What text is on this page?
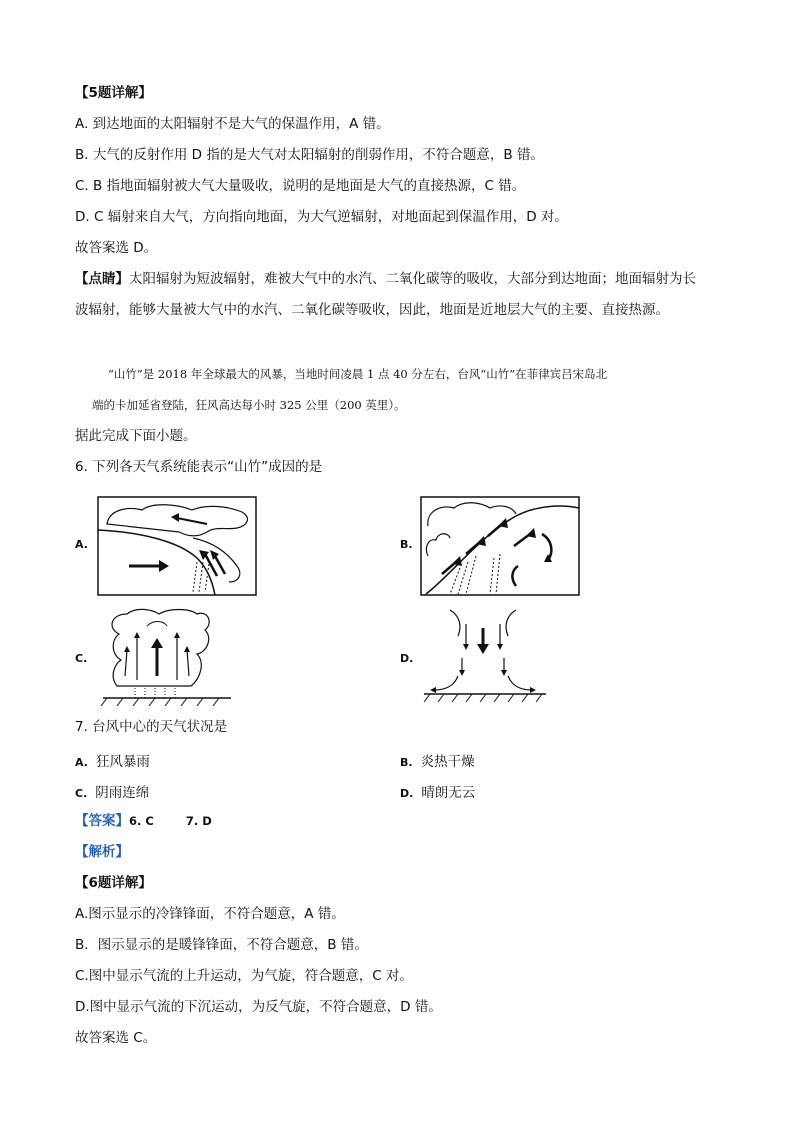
【5题详解】
A. 到达地面的太阳辐射不是大气的保温作用，A 错。
B. 大气的反射作用 D 指的是大气对太阳辐射的削弱作用，不符合题意，B 错。
C. B 指地面辐射被大气大量吸收，说明的是地面是大气的直接热源，C 错。
D. C 辐射来自大气，方向指向地面，为大气逆辐射，对地面起到保温作用，D 对。
故答案选 D。
【点睛】太阳辐射为短波辐射，难被大气中的水汽、二氧化碳等的吸收，大部分到达地面；地面辐射为长
波辐射，能够大量被大气中的水汽、二氧化碳等吸收，因此，地面是近地层大气的主要、直接热源。
“山竹”是 2018 年全球最大的风暴，当地时间凌晨 1 点 40 分左右，台风“山竹”在菲律宾吕宋岛北
端的卡加延省登陆，狂风高达每小时 325 公里（200 英里）。
据此完成下面小题。
6. 下列各天气系统能表示“山竹”成因的是
A.	B.
C.	D.
7. 台风中心的天气状况是
A. 狂风暴雨	B. 炎热干燥
C. 阴雨连绵	D. 晴朗无云
【答案】6. C        7. D
【解析】
【6题详解】
A.图示显示的冷锋锋面，不符合题意，A 错。
B．图示显示的是暖锋锋面，不符合题意，B 错。
C.图中显示气流的上升运动，为气旋，符合题意，C 对。
D.图中显示气流的下沉运动，为反气旋，不符合题意，D 错。
故答案选 C。
